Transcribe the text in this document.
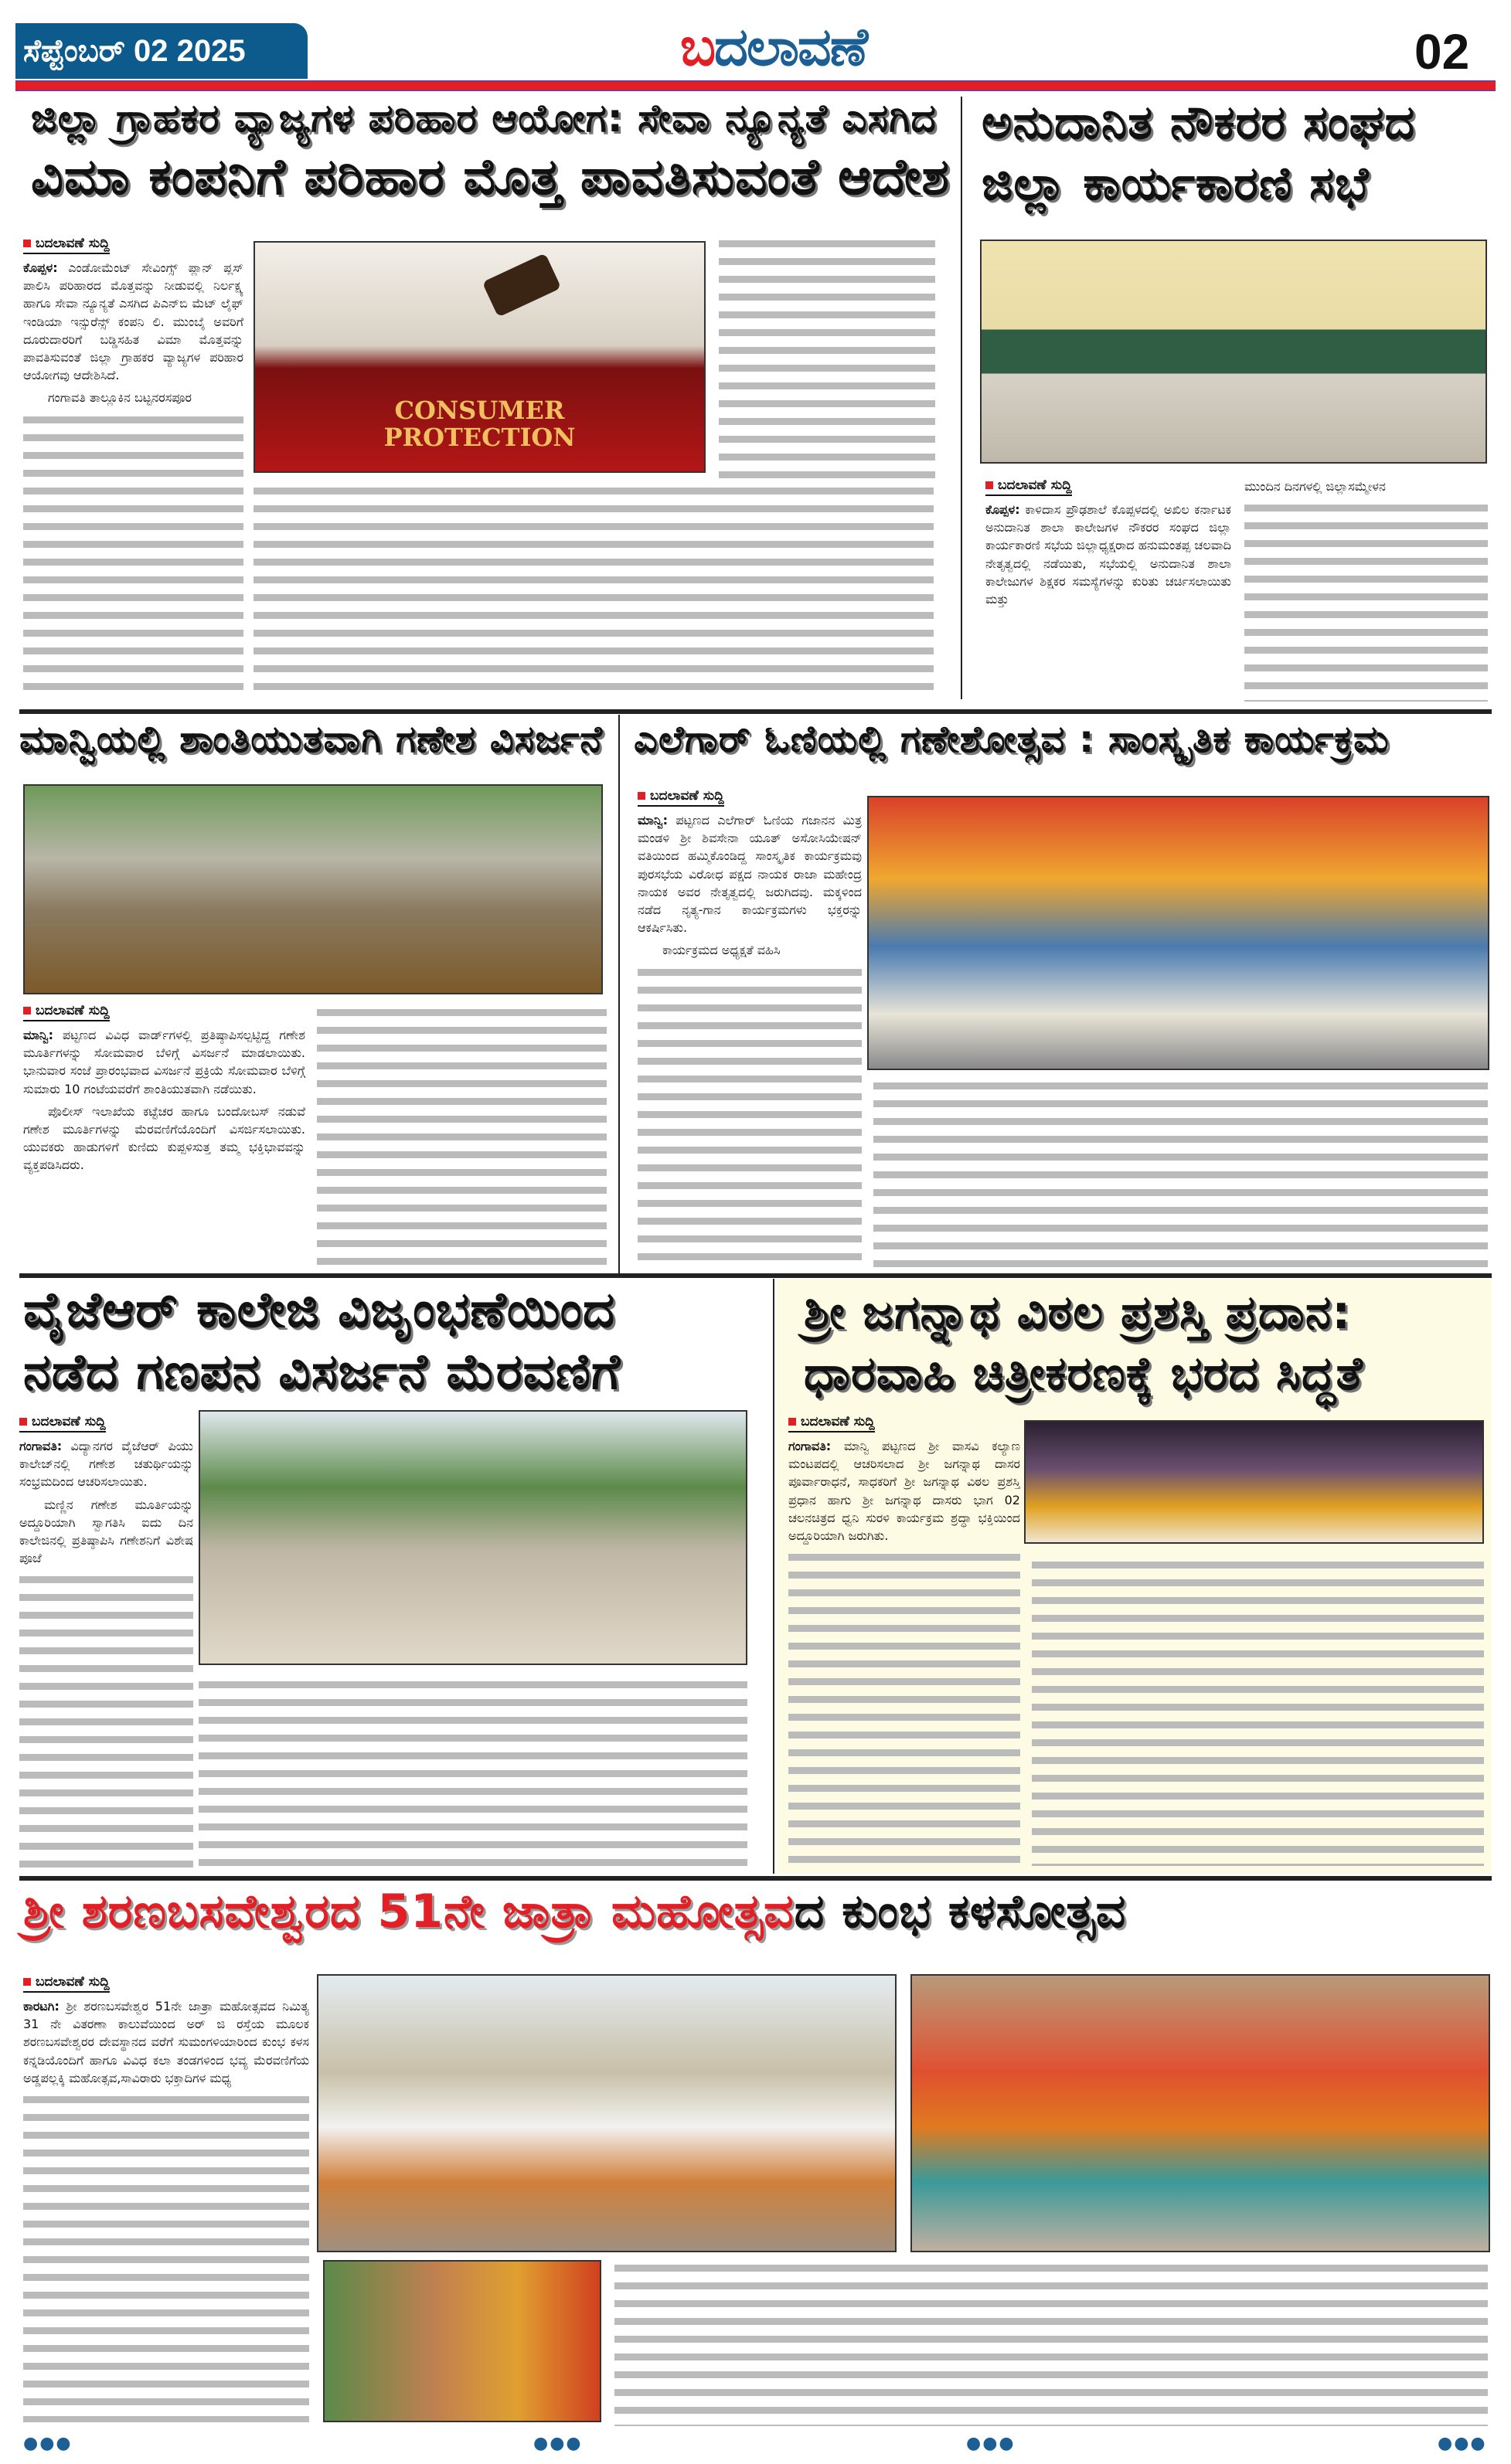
ಸೆಪ್ಟೆಂಬರ್ 02 2025	ಬದಲಾವಣೆ	02
ಜಿಲ್ಲಾ ಗ್ರಾಹಕರ ವ್ಯಾಜ್ಯಗಳ ಪರಿಹಾರ ಆಯೋಗ: ಸೇವಾ ನ್ಯೂನ್ಯತೆ ಎಸಗಿದ
ವಿಮಾ ಕಂಪನಿಗೆ ಪರಿಹಾರ ಮೊತ್ತ ಪಾವತಿಸುವಂತೆ ಆದೇಶ
ಬದಲಾವಣೆ ಸುದ್ದಿ

ಕೊಪ್ಪಳ: ಎಂಡೋಮೆಂಟ್ ಸೇವಿಂಗ್ಸ್ ಪ್ಲಾನ್ ಪ್ಲಸ್ ಪಾಲಿಸಿ ಪರಿಹಾರದ ಮೊತ್ತವನ್ನು ನೀಡುವಲ್ಲಿ ನಿರ್ಲಕ್ಷ್ಯ ಹಾಗೂ ಸೇವಾ ನ್ಯೂನ್ಯತೆ ಎಸಗಿದ ಪಿಎನ್‌ಬಿ ಮೆಟ್ ಲೈಫ್ ಇಂಡಿಯಾ ಇನ್ಸುರೆನ್ಸ್ ಕಂಪನಿ ಲಿ. ಮುಂಬೈ ಅವರಿಗೆ ದೂರುದಾರರಿಗೆ ಬಡ್ಡಿಸಹಿತ ವಿಮಾ ಮೊತ್ತವನ್ನು ಪಾವತಿಸುವಂತೆ ಜಿಲ್ಲಾ ಗ್ರಾಹಕರ ವ್ಯಾಜ್ಯಗಳ ಪರಿಹಾರ ಆಯೋಗವು ಆದೇಶಿಸಿದೆ.

ಗಂಗಾವತಿ ತಾಲ್ಲೂಕಿನ ಬಟ್ಟನರಸಪೂರ	CONSUMER
PROTECTION
ಅನುದಾನಿತ ನೌಕರರ ಸಂಘದ
ಜಿಲ್ಲಾ ಕಾರ್ಯಕಾರಣಿ ಸಭೆ
ಬದಲಾವಣೆ ಸುದ್ದಿ

ಕೊಪ್ಪಳ: ಕಾಳಿದಾಸ ಪ್ರೌಢಶಾಲೆ ಕೊಪ್ಪಳದಲ್ಲಿ ಅಖಿಲ ಕರ್ನಾಟಕ ಅನುದಾನಿತ ಶಾಲಾ ಕಾಲೇಜಗಳ ನೌಕರರ ಸಂಘದ ಜಿಲ್ಲಾ ಕಾರ್ಯಕಾರಣಿ ಸಭೆಯ ಜಿಲ್ಲಾಧ್ಯಕ್ಷರಾದ ಹನುಮಂತಪ್ಪ ಚಲವಾದಿ ನೇತೃತ್ವದಲ್ಲಿ ನಡೆಯಿತು, ಸಭೆಯಲ್ಲಿ ಅನುದಾನಿತ ಶಾಲಾ ಕಾಲೇಜುಗಳ ಶಿಕ್ಷಕರ ಸಮಸ್ಯೆಗಳನ್ನು ಕುರಿತು ಚರ್ಚಿಸಲಾಯಿತು ಮತ್ತು

ಮುಂದಿನ ದಿನಗಳಲ್ಲಿ ಜಿಲ್ಲಾಸಮ್ಮೇಳನ

ಮಾನ್ವಿಯಲ್ಲಿ ಶಾಂತಿಯುತವಾಗಿ ಗಣೇಶ ವಿಸರ್ಜನೆ
ಬದಲಾವಣೆ ಸುದ್ದಿ

ಮಾನ್ವಿ: ಪಟ್ಟಣದ ವಿವಿಧ ವಾರ್ಡ್‌ಗಳಲ್ಲಿ ಪ್ರತಿಷ್ಠಾಪಿಸಲ್ಪಟ್ಟಿದ್ದ ಗಣೇಶ ಮೂರ್ತಿಗಳನ್ನು ಸೋಮವಾರ ಬೆಳಿಗ್ಗೆ ವಿಸರ್ಜನೆ ಮಾಡಲಾಯಿತು. ಭಾನುವಾರ ಸಂಜೆ ಪ್ರಾರಂಭವಾದ ವಿಸರ್ಜನೆ ಪ್ರಕ್ರಿಯೆ ಸೋಮವಾರ ಬೆಳಿಗ್ಗೆ ಸುಮಾರು 10 ಗಂಟೆಯವರೆಗೆ ಶಾಂತಿಯುತವಾಗಿ ನಡೆಯಿತು.

ಪೊಲೀಸ್ ಇಲಾಖೆಯ ಕಟ್ಟೆಚರ ಹಾಗೂ ಬಂದೋಬಸ್ ನಡುವೆ ಗಣೇಶ ಮೂರ್ತಿಗಳನ್ನು ಮೆರವಣಿಗೆಯೊಂದಿಗೆ ವಿಸರ್ಜಿಸಲಾಯಿತು. ಯುವಕರು ಹಾಡುಗಳಿಗೆ ಕುಣಿದು ಕುಪ್ಪಳಿಸುತ್ತ ತಮ್ಮ ಭಕ್ತಿಭಾವವನ್ನು ವ್ಯಕ್ತಪಡಿಸಿದರು.

ಎಲೆಗಾರ್ ಓಣಿಯಲ್ಲಿ ಗಣೇಶೋತ್ಸವ : ಸಾಂಸ್ಕೃತಿಕ ಕಾರ್ಯಕ್ರಮ
ಬದಲಾವಣೆ ಸುದ್ದಿ

ಮಾನ್ವಿ: ಪಟ್ಟಣದ ಎಲೆಗಾರ್ ಓಣಿಯ ಗಜಾನನ ಮಿತ್ರ ಮಂಡಳಿ ಶ್ರೀ ಶಿವಸೇನಾ ಯೂತ್ ಅಸೋಸಿಯೇಷನ್ ವತಿಯಿಂದ ಹಮ್ಮಿಕೊಂಡಿದ್ದ ಸಾಂಸ್ಕೃತಿಕ ಕಾರ್ಯಕ್ರಮವು ಪುರಸಭೆಯ ವಿರೋಧ ಪಕ್ಷದ ನಾಯಕ ರಾಜಾ ಮಹೇಂದ್ರ ನಾಯಕ ಅವರ ನೇತೃತ್ವದಲ್ಲಿ ಜರುಗಿದವು. ಮಕ್ಕಳಿಂದ ನಡೆದ ನೃತ್ಯ-ಗಾನ ಕಾರ್ಯಕ್ರಮಗಳು ಭಕ್ತರನ್ನು ಆಕರ್ಷಿಸಿತು.

ಕಾರ್ಯಕ್ರಮದ ಅಧ್ಯಕ್ಷತೆ ವಹಿಸಿ

ವೈಜೆಆರ್ ಕಾಲೇಜಿ ವಿಜೃಂಭಣೆಯಿಂದ
ನಡೆದ ಗಣಪನ ವಿಸರ್ಜನೆ ಮೆರವಣಿಗೆ
ಬದಲಾವಣೆ ಸುದ್ದಿ

ಗಂಗಾವತಿ: ವಿದ್ಯಾನಗರ ವೈಜೆಆರ್ ಪಿಯು ಕಾಲೇಜ್‌ನಲ್ಲಿ ಗಣೇಶ ಚತುರ್ಥಿಯನ್ನು ಸಂಭ್ರಮದಿಂದ ಆಚರಿಸಲಾಯಿತು.

ಮಣ್ಣಿನ ಗಣೇಶ ಮೂರ್ತಿಯನ್ನು ಅದ್ದೂರಿಯಾಗಿ ಸ್ವಾಗತಿಸಿ ಐದು ದಿನ ಕಾಲೇಜಿನಲ್ಲಿ ಪ್ರತಿಷ್ಠಾಪಿಸಿ ಗಣೇಶನಿಗೆ ವಿಶೇಷ ಪೂಜೆ

ಶ್ರೀ ಜಗನ್ನಾಥ ವಿಠಲ ಪ್ರಶಸ್ತಿ ಪ್ರದಾನ:
ಧಾರವಾಹಿ ಚಿತ್ರೀಕರಣಕ್ಕೆ ಭರದ ಸಿದ್ಧತೆ
ಬದಲಾವಣೆ ಸುದ್ದಿ

ಗಂಗಾವತಿ: ಮಾನ್ವಿ ಪಟ್ಟಣದ ಶ್ರೀ ವಾಸವಿ ಕಲ್ಯಾಣ ಮಂಟಪದಲ್ಲಿ ಆಚರಿಸಲಾದ ಶ್ರೀ ಜಗನ್ನಾಥ ದಾಸರ ಪೂರ್ವಾರಾಧನೆ, ಸಾಧಕರಿಗೆ ಶ್ರೀ ಜಗನ್ನಾಥ ವಿಠಲ ಪ್ರಶಸ್ತಿ ಪ್ರಧಾನ ಹಾಗು ಶ್ರೀ ಜಗನ್ನಾಥ ದಾಸರು ಭಾಗ 02 ಚಲನಚಿತ್ರದ ಧ್ವನಿ ಸುರಳಿ ಕಾರ್ಯಕ್ರಮ ಶ್ರದ್ಧಾ ಭಕ್ತಿಯಿಂದ ಅದ್ದೂರಿಯಾಗಿ ಜರುಗಿತು.

ಶ್ರೀ ಶರಣಬಸವೇಶ್ವರದ 51ನೇ ಜಾತ್ರಾ ಮಹೋತ್ಸವದ ಕುಂಭ ಕಳಸೋತ್ಸವ
ಬದಲಾವಣೆ ಸುದ್ದಿ

ಕಾರಟಗಿ: ಶ್ರೀ ಶರಣಬಸವೇಶ್ವರ 51ನೇ ಜಾತ್ರಾ ಮಹೋತ್ಸವದ ನಿಮಿತ್ಯ 31 ನೇ ವಿತರಣಾ ಕಾಲುವೆಯಿಂದ ಅರ್ ಜಿ ರಸ್ತೆಯ ಮೂಲಕ ಶರಣಬಸವೇಶ್ವರರ ದೇವಸ್ಥಾನದ ವರೆಗೆ ಸುಮಂಗಳಿಯಾರಿಂದ ಕುಂಭ ಕಳಸ ಕನ್ನಡಿಯೊಂದಿಗೆ ಹಾಗೂ ವಿವಿಧ ಕಲಾ ತಂಡಗಳಿಂದ ಭವ್ಯ ಮೆರವಣಿಗೆಯ ಅಡ್ಡಪಲ್ಲಕ್ಕಿ ಮಹೋತ್ಸವ,ಸಾವಿರಾರು ಭಕ್ತಾದಿಗಳ ಮಧ್ಯ

●●●	●●●	●●●	●●●
